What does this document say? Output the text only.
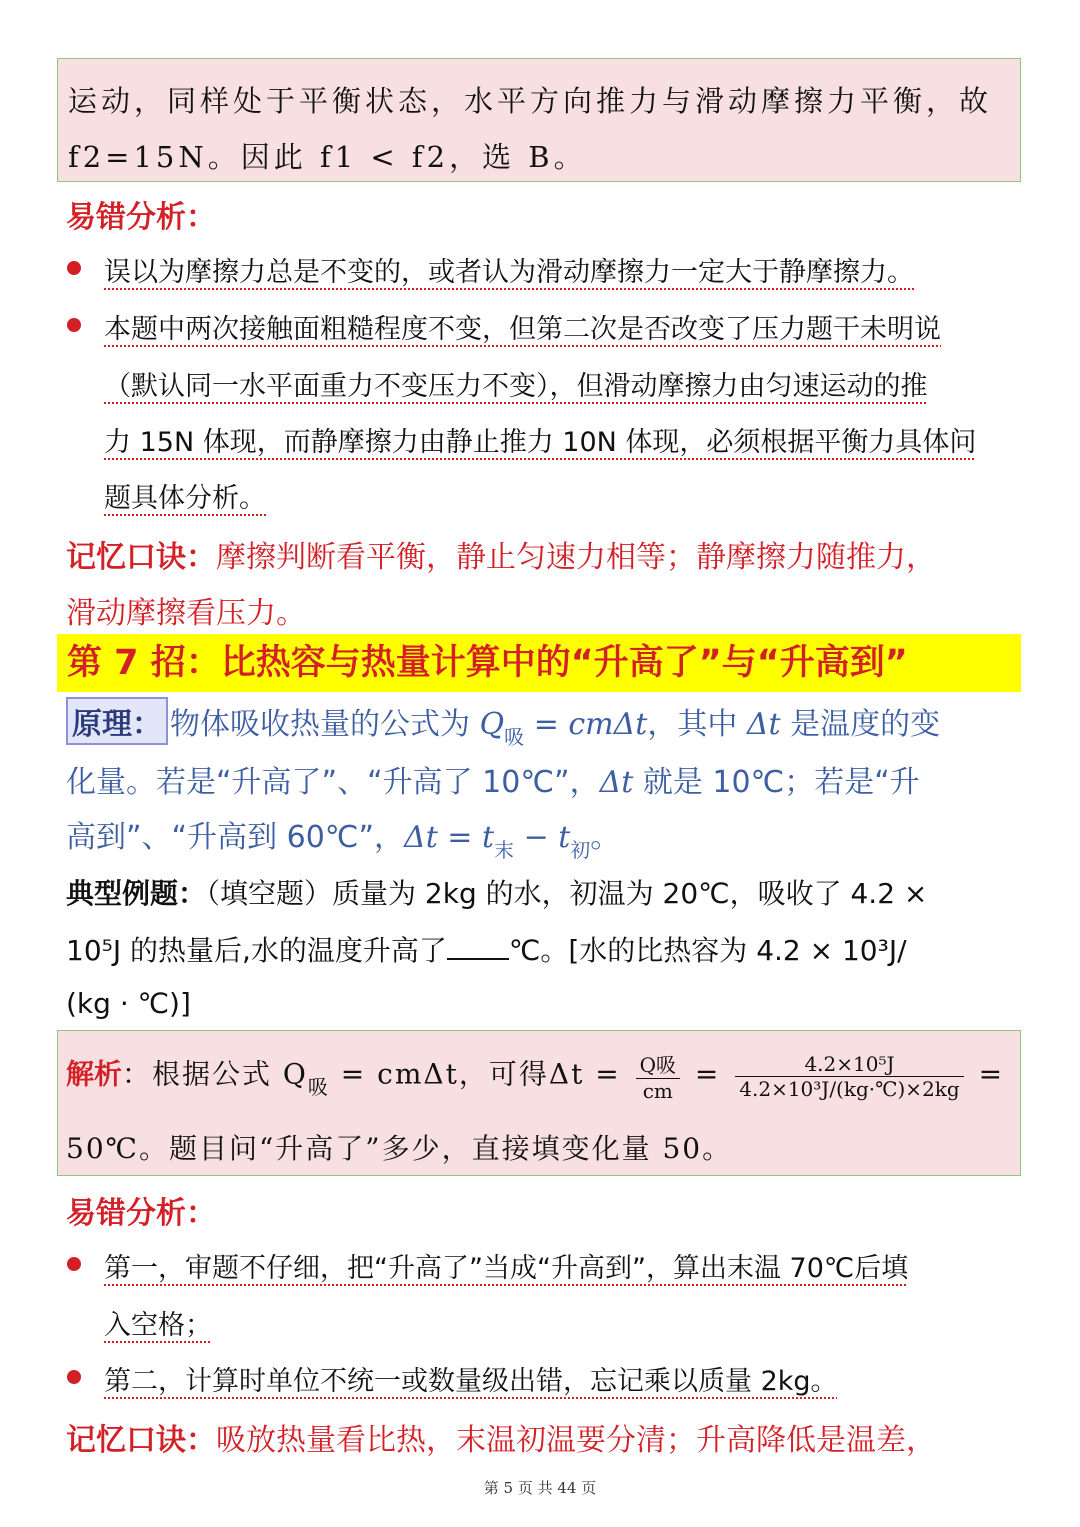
运动，同样处于平衡状态，水平方向推力与滑动摩擦力平衡，故

f2=15N。因此 f1 < f2，选 B。

易错分析：
误以为摩擦力总是不变的，或者认为滑动摩擦力一定大于静摩擦力。
本题中两次接触面粗糙程度不变，但第二次是否改变了压力题干未明说
（默认同一水平面重力不变压力不变），但滑动摩擦力由匀速运动的推
力 15N 体现，而静摩擦力由静止推力 10N 体现，必须根据平衡力具体问
题具体分析。
记忆口诀：摩擦判断看平衡，静止匀速力相等；静摩擦力随推力，
滑动摩擦看压力。
第 7 招：比热容与热量计算中的“升高了”与“升高到”
原理： 物体吸收热量的公式为 $Q_吸 = cm\Delta t$，其中 Δt 是温度的变
化量。若是“升高了”、“升高了 10℃”，Δt 就是 10℃；若是“升
高到”、“升高到 60℃”，$\Delta t = t_末 - t_初$。
典型例题：（填空题）质量为 2kg 的水，初温为 20℃，吸收了 4.2 ×
10⁵J 的热量后,水的温度升高了 ℃。[水的比热容为 4.2 × 10³J/
(kg · ℃)]
解析：根据公式 $Q_吸 = cm\Delta t$，可得$\Delta t = \frac{\text{Q吸}}{cm} = \frac{\text{4.2×10⁵J}}{\text{4.2×10³J/(kg·℃)×2kg}}$ =
50℃。题目问“升高了”多少，直接填变化量 50。
易错分析：
第一，审题不仔细，把“升高了”当成“升高到”，算出末温 70℃后填
入空格；
第二，计算时单位不统一或数量级出错，忘记乘以质量 2kg。
记忆口诀：吸放热量看比热，末温初温要分清；升高降低是温差，
第 5 页 共 44 页
